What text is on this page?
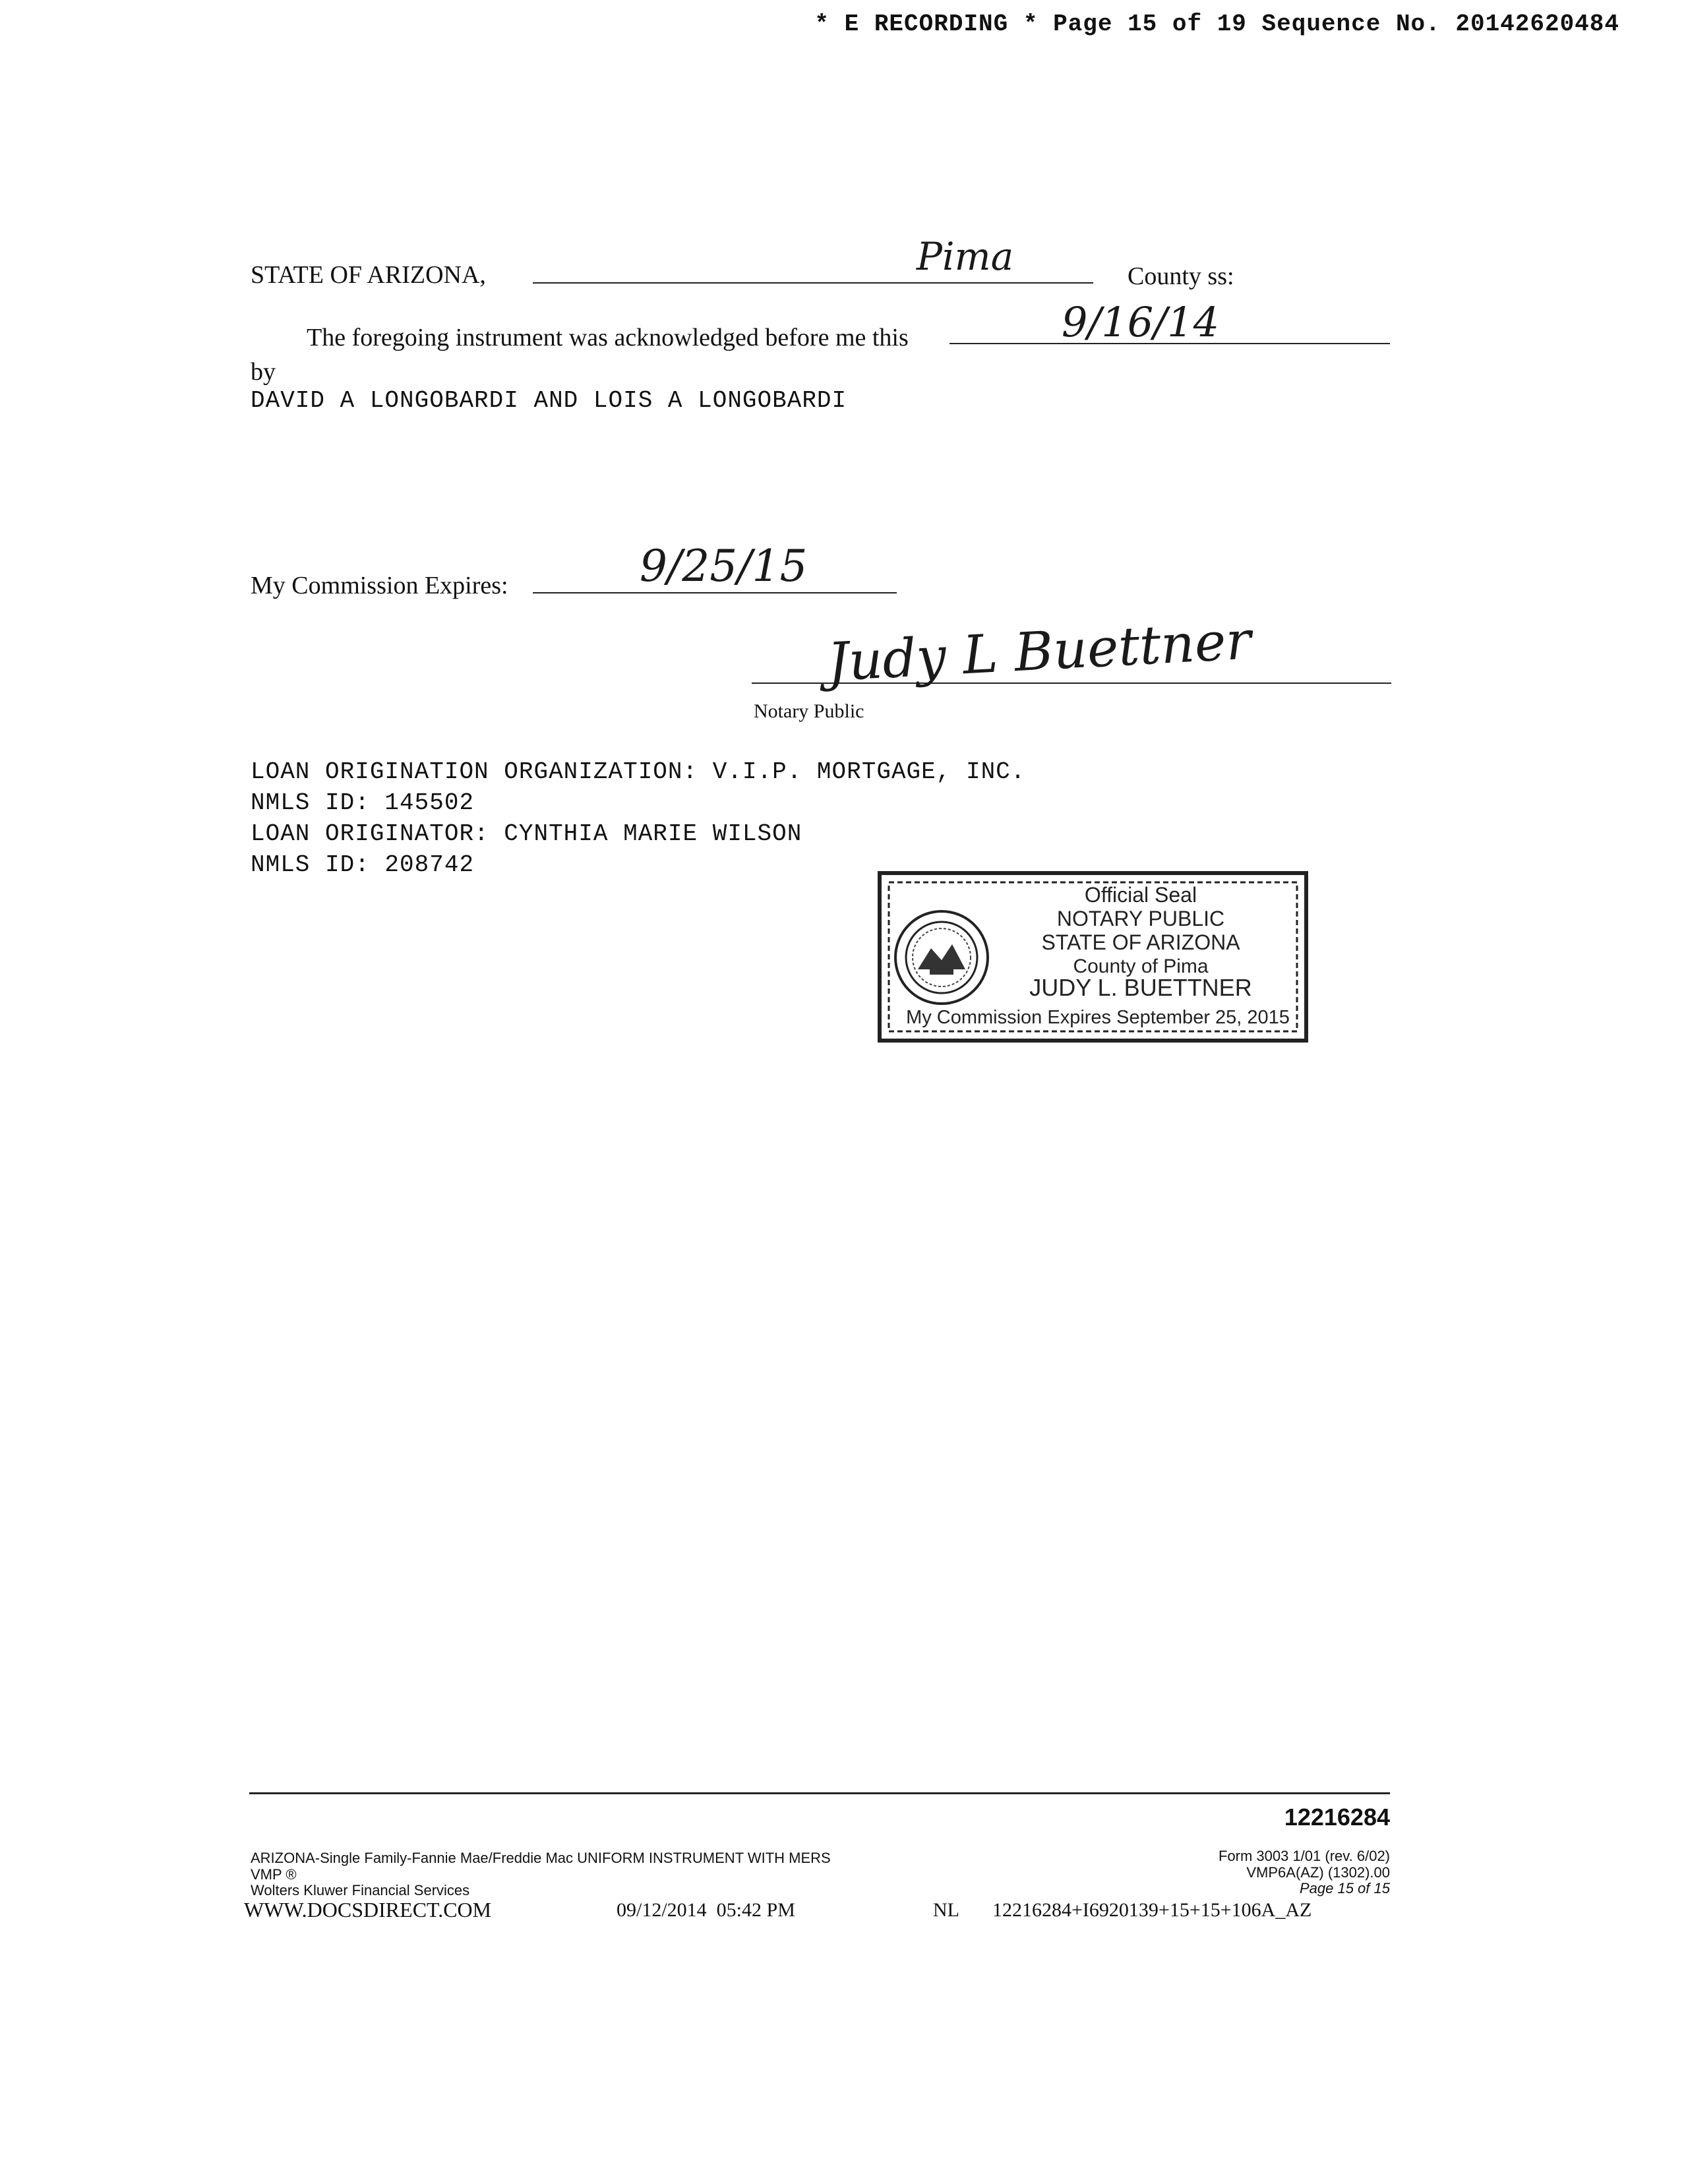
* E RECORDING * Page 15 of 19 Sequence No. 20142620484
STATE OF ARIZONA,	Pima	County ss:
The foregoing instrument was acknowledged before me this	9/16/14
by
DAVID A LONGOBARDI AND LOIS A LONGOBARDI
My Commission Expires:	9/25/15
Judy L Buettner
Notary Public
LOAN ORIGINATION ORGANIZATION: V.I.P. MORTGAGE, INC.
NMLS ID: 145502
LOAN ORIGINATOR: CYNTHIA MARIE WILSON
NMLS ID: 208742
Official Seal
NOTARY PUBLIC
STATE OF ARIZONA
County of Pima
JUDY L. BUETTNER
My Commission Expires September 25, 2015
12216284
ARIZONA-Single Family-Fannie Mae/Freddie Mac UNIFORM INSTRUMENT WITH MERS
VMP ®
Wolters Kluwer Financial Services
WWW.DOCSDIRECT.COM	09/12/2014  05:42 PM	NL 12216284+I6920139+15+15+106A_AZ
Form 3003 1/01 (rev. 6/02)
VMP6A(AZ) (1302).00
Page 15 of 15
